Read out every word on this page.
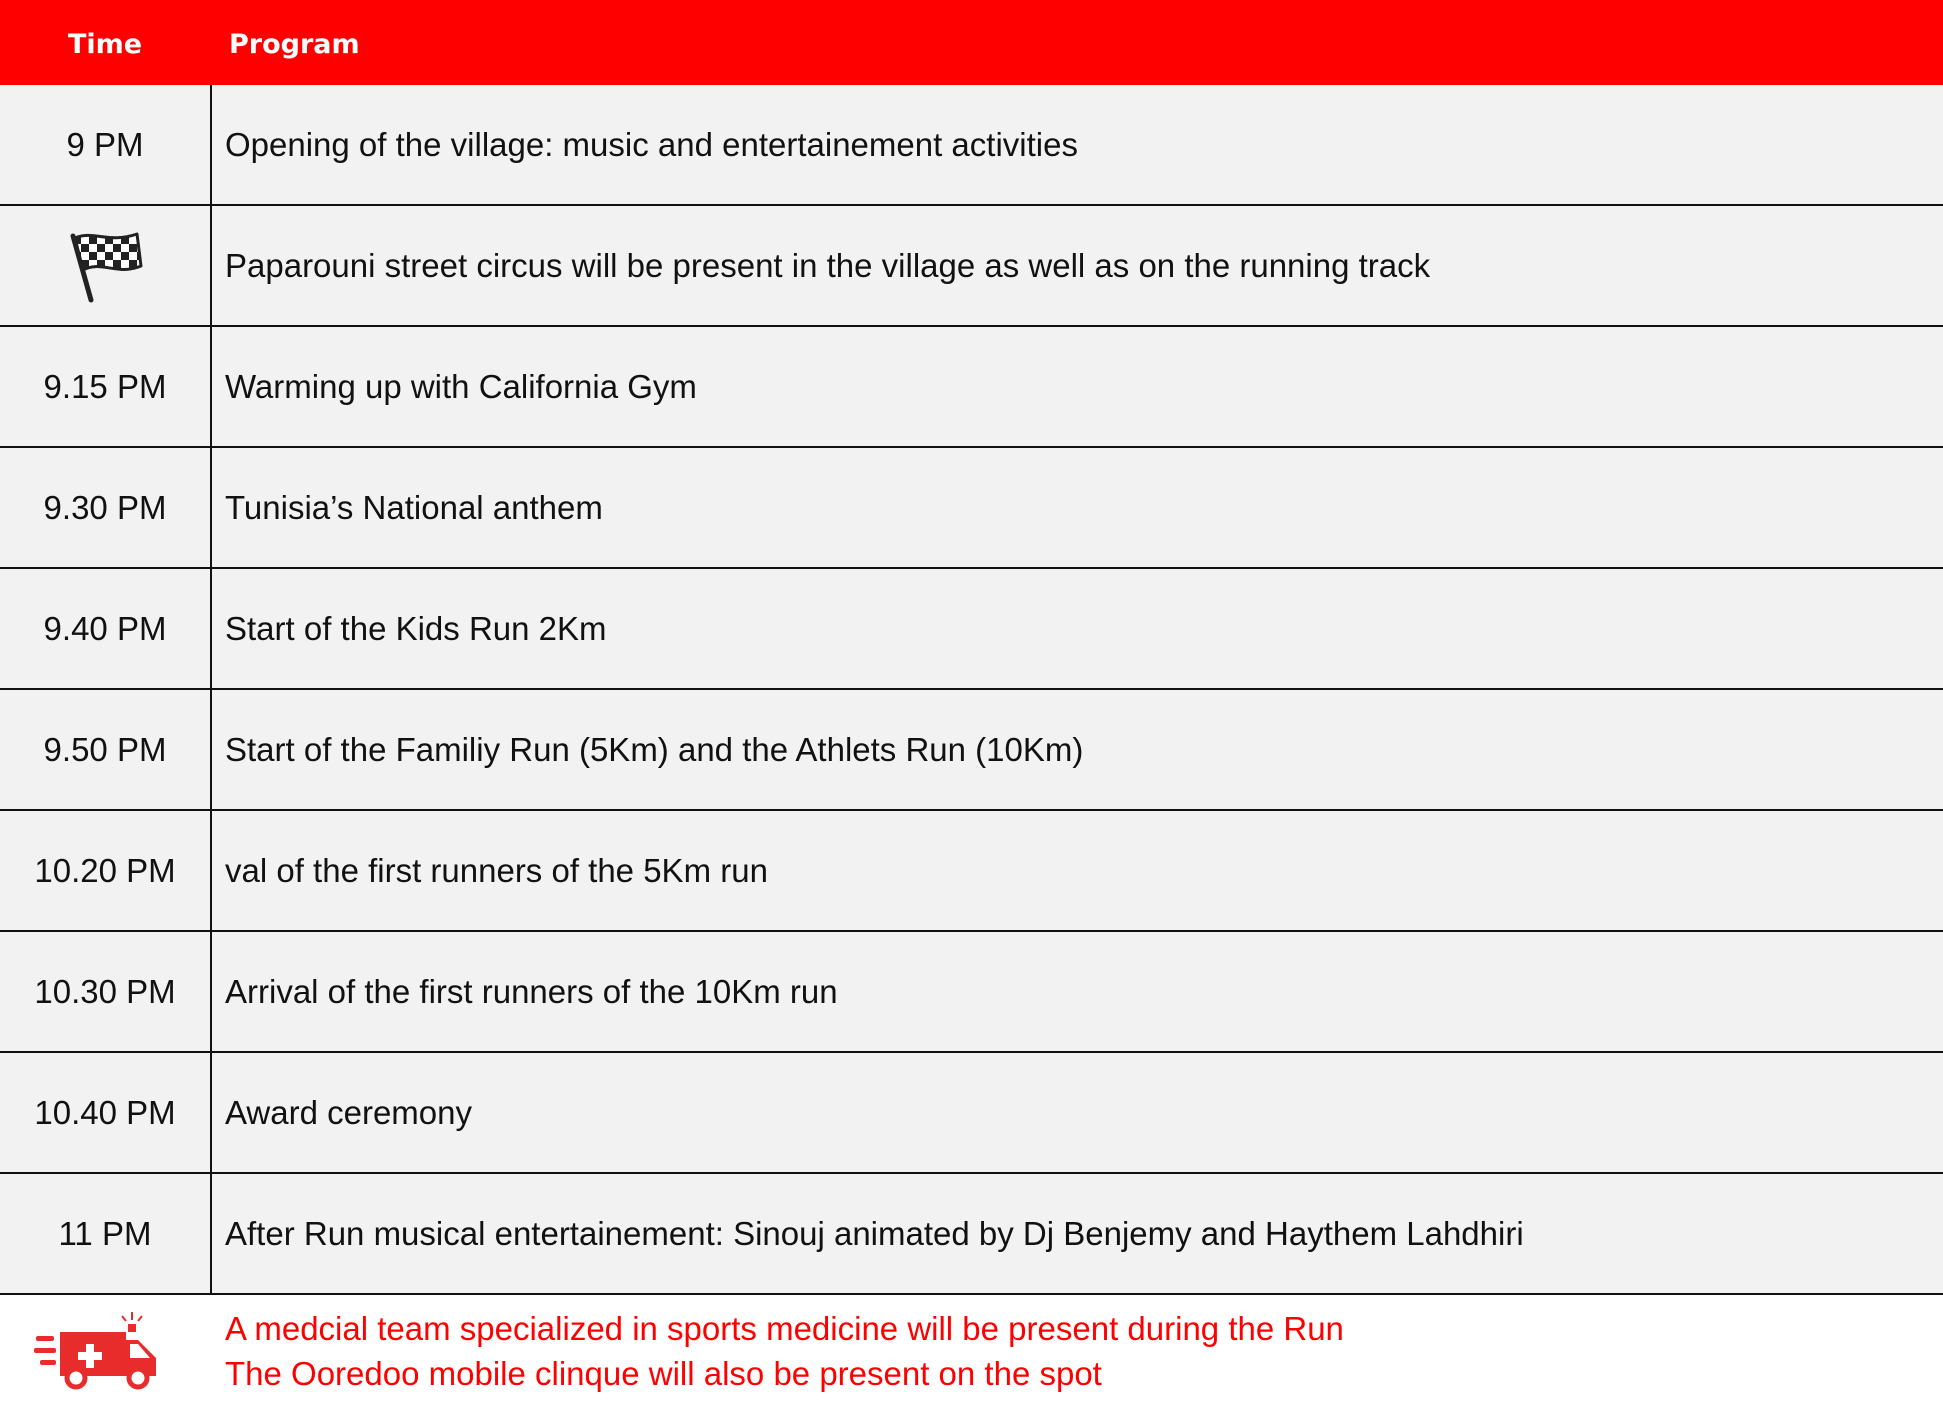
Time	Program
9 PM	Opening of the village: music and entertainement activities
Paparouni street circus will be present in the village as well as on the running track
9.15 PM	Warming up with California Gym
9.30 PM	Tunisia’s National anthem
9.40 PM	Start of the Kids Run 2Km
9.50 PM	Start of the Familiy Run (5Km) and the Athlets Run (10Km)
10.20 PM	val of the first runners of the 5Km run
10.30 PM	Arrival of the first runners of the 10Km run
10.40 PM	Award ceremony
11 PM	After Run musical entertainement: Sinouj animated by Dj Benjemy and Haythem Lahdhiri
A medcial team specialized in sports medicine will be present during the Run
The Ooredoo mobile clinque will also be present on the spot
